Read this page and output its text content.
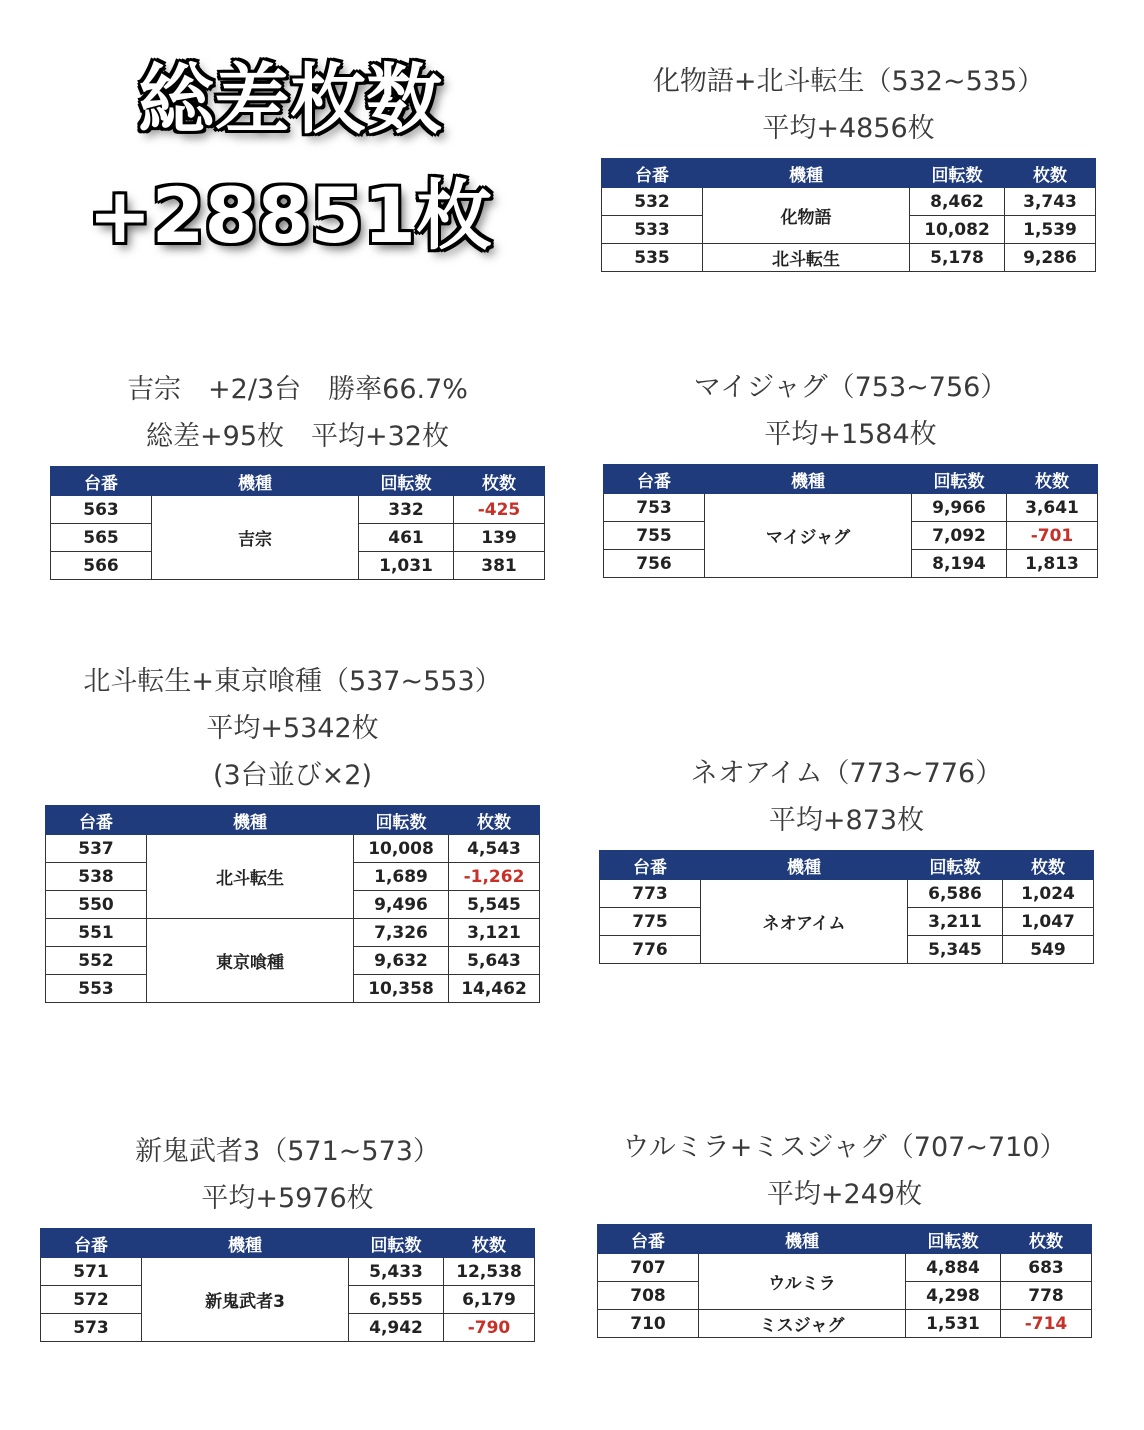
総差枚数
+28851枚
化物語+北斗転生（532~535）
平均+4856枚
台番	機種	回転数	枚数
532	化物語	8,462	3,743
533		10,082	1,539
535	北斗転生	5,178	9,286
吉宗　+2/3台　勝率66.7%
総差+95枚　平均+32枚
台番	機種	回転数	枚数
563	吉宗	332	-425
565		461	139
566		1,031	381
マイジャグ（753~756）
平均+1584枚
台番	機種	回転数	枚数
753	マイジャグ	9,966	3,641
755		7,092	-701
756		8,194	1,813
北斗転生+東京喰種（537~553）
平均+5342枚
(3台並び×2)
台番	機種	回転数	枚数
537	北斗転生	10,008	4,543
538		1,689	-1,262
550		9,496	5,545
551	東京喰種	7,326	3,121
552		9,632	5,643
553		10,358	14,462
ネオアイム（773~776）
平均+873枚
台番	機種	回転数	枚数
773	ネオアイム	6,586	1,024
775		3,211	1,047
776		5,345	549
新鬼武者3（571~573）
平均+5976枚
台番	機種	回転数	枚数
571	新鬼武者3	5,433	12,538
572		6,555	6,179
573		4,942	-790
ウルミラ+ミスジャグ（707~710）
平均+249枚
台番	機種	回転数	枚数
707	ウルミラ	4,884	683
708		4,298	778
710	ミスジャグ	1,531	-714
